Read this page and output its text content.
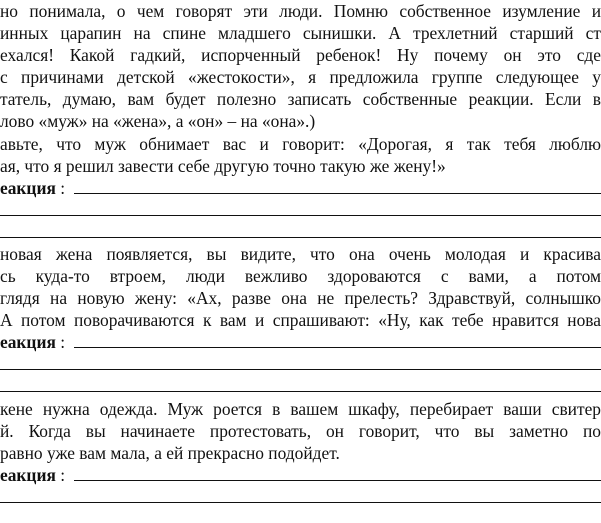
но понимала, о чем говорят эти люди. Помню собственное изумление и
инных царапин на спине младшего сынишки. А трехлетний старший ст
ехался! Какой гадкий, испорченный ребенок! Ну почему он это сде
с причинами детской «жестокости», я предложила группе следующее у
татель, думаю, вам будет полезно записать собственные реакции. Если в
лово «муж» на «жена», а «он» – на «она».)
авьте, что муж обнимает вас и говорит: «Дорогая, я так тебя люблю
ая, что я решил завести себе другую точно такую же жену!»
еакция :
новая жена появляется, вы видите, что она очень молодая и красива
сь куда-то втроем, люди вежливо здороваются с вами, а потом
глядя на новую жену: «Ах, разве она не прелесть? Здравствуй, солнышко
А потом поворачиваются к вам и спрашивают: «Ну, как тебе нравится нова
еакция :
кене нужна одежда. Муж роется в вашем шкафу, перебирает ваши свитер
й. Когда вы начинаете протестовать, он говорит, что вы заметно по
равно уже вам мала, а ей прекрасно подойдет.
еакция :
